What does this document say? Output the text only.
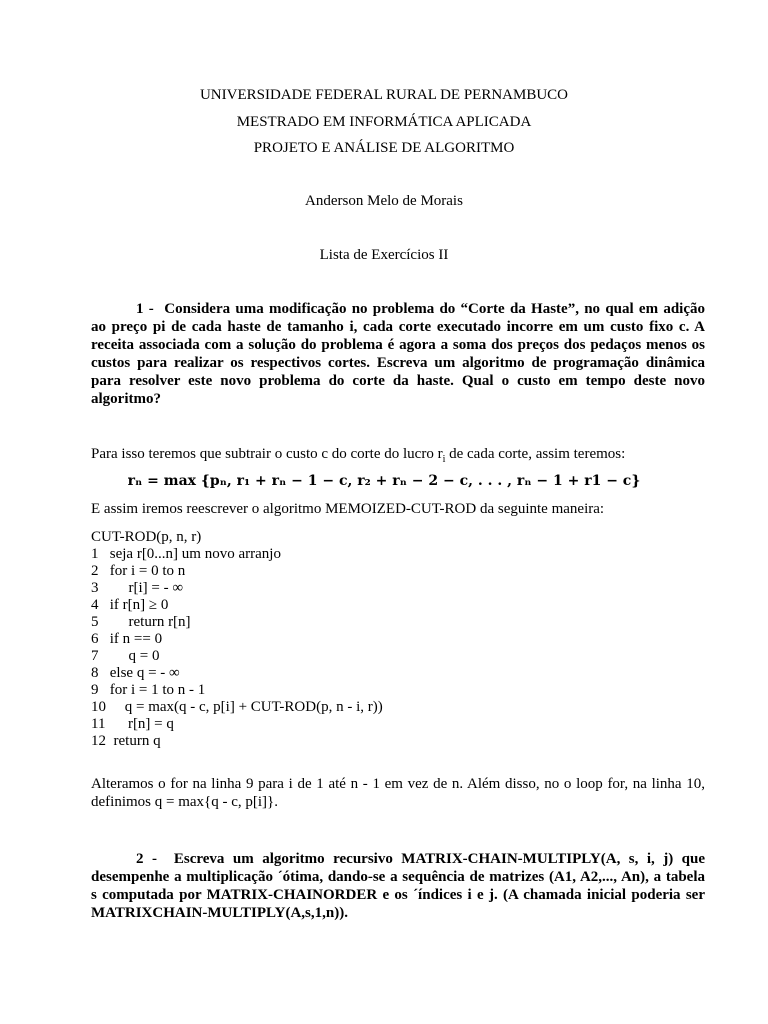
UNIVERSIDADE FEDERAL RURAL DE PERNAMBUCO
MESTRADO EM INFORMÁTICA APLICADA
PROJETO E ANÁLISE DE ALGORITMO
Anderson Melo de Morais
Lista de Exercícios II
1 - Considera uma modificação no problema do “Corte da Haste”, no qual em adição
ao preço pi de cada haste de tamanho i, cada corte executado incorre em um custo fixo c. A
receita associada com a solução do problema é agora a soma dos preços dos pedaços menos os
custos para realizar os respectivos cortes. Escreva um algoritmo de programação dinâmica
para resolver este novo problema do corte da haste. Qual o custo em tempo deste novo
algoritmo?
Para isso teremos que subtrair o custo c do corte do lucro $r_i$ de cada corte, assim teremos:
rₙ = max {pₙ, r₁ + rₙ − 1 − c, r₂ + rₙ − 2 − c, . . . , rₙ − 1 + r1 − c}
E assim iremos reescrever o algoritmo MEMOIZED-CUT-ROD da seguinte maneira:
CUT-ROD(p, n, r)
1   seja r[0...n] um novo arranjo
2   for i = 0 to n
3        r[i] = - ∞
4   if r[n] ≥ 0
5        return r[n]
6   if n == 0
7        q = 0
8   else q = - ∞
9   for i = 1 to n - 1
10     q = max(q - c, p[i] + CUT-ROD(p, n - i, r))
11      r[n] = q
12  return q
Alteramos o for na linha 9 para i de 1 até n - 1 em vez de n. Além disso, no o loop for, na linha 10,
definimos q = max{q - c, p[i]}.
2 - Escreva um algoritmo recursivo MATRIX-CHAIN-MULTIPLY(A, s, i, j) que
desempenhe a multiplicação ´ótima, dando-se a sequência de matrizes (A1, A2,..., An), a tabela
s computada por MATRIX-CHAINORDER e os ´índices i e j. (A chamada inicial poderia ser
MATRIXCHAIN-MULTIPLY(A,s,1,n)).
